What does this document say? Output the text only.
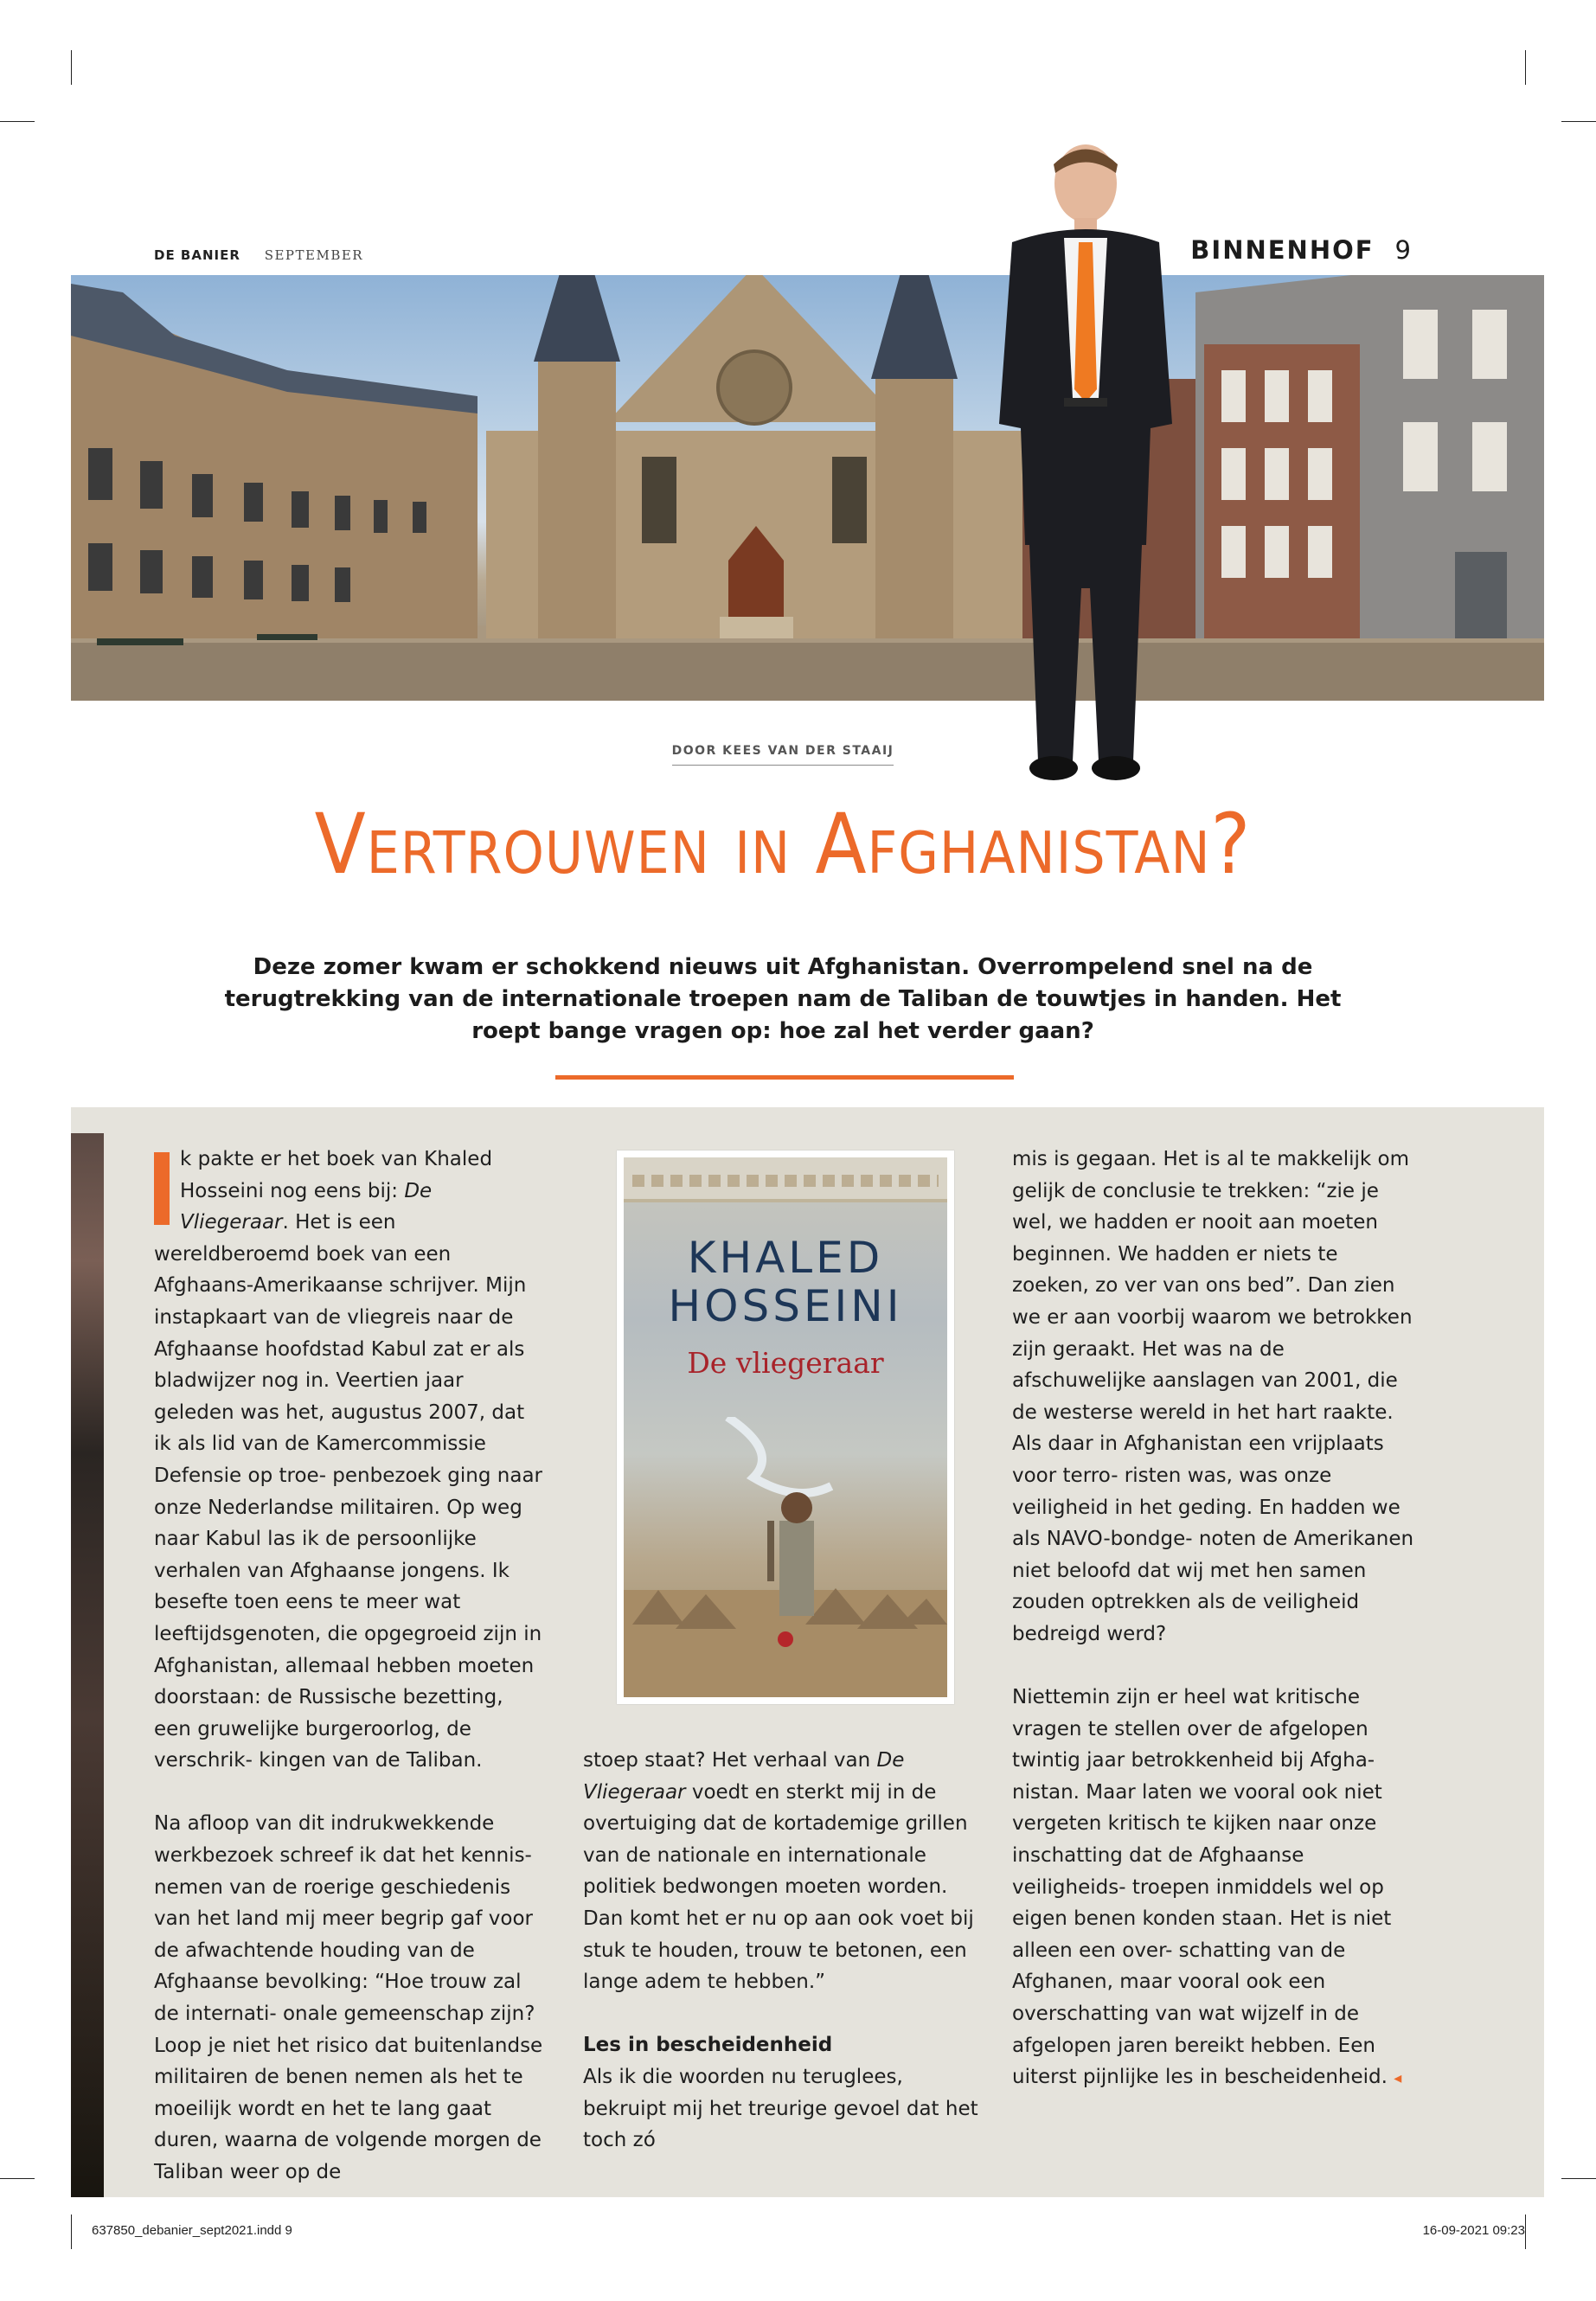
DE BANIER SEPTEMBER	BINNENHOF 9
DOOR KEES VAN DER STAAIJ
Vertrouwen in Afghanistan?

Deze zomer kwam er schokkend nieuws uit Afghanistan. Overrompelend snel na de terugtrekking van de internationale troepen nam de Taliban de touwtjes in handen. Het roept bange vragen op: hoe zal het verder gaan?

k pakte er het boek van Khaled Hosseini nog eens bij: De Vliegeraar. Het is een wereldberoemd boek van een Afghaans-Amerikaanse schrijver. Mijn instapkaart van de vliegreis naar de Afghaanse hoofdstad Kabul zat er als bladwijzer nog in. Veertien jaar geleden was het, augustus 2007, dat ik als lid van de Kamercommissie Defensie op troe- penbezoek ging naar onze Nederlandse militairen. Op weg naar Kabul las ik de persoonlijke verhalen van Afghaanse jongens. Ik besefte toen eens te meer wat leeftijdsgenoten, die opgegroeid zijn in Afghanistan, allemaal hebben moeten doorstaan: de Russische bezetting, een gruwelijke burgeroorlog, de verschrik- kingen van de Taliban.

Na afloop van dit indrukwekkende werkbezoek schreef ik dat het kennis- nemen van de roerige geschiedenis van het land mij meer begrip gaf voor de afwachtende houding van de Afghaanse bevolking: “Hoe trouw zal de internati- onale gemeenschap zijn? Loop je niet het risico dat buitenlandse militairen de benen nemen als het te moeilijk wordt en het te lang gaat duren, waarna de volgende morgen de Taliban weer op de

KHALED
HOSSEINI
De vliegeraar

stoep staat? Het verhaal van De Vliegeraar voedt en sterkt mij in de overtuiging dat de kortademige grillen van de nationale en internationale politiek bedwongen moeten worden. Dan komt het er nu op aan ook voet bij stuk te houden, trouw te betonen, een lange adem te hebben.”

Les in bescheidenheid

Als ik die woorden nu teruglees, bekruipt mij het treurige gevoel dat het toch zó

mis is gegaan. Het is al te makkelijk om gelijk de conclusie te trekken: “zie je wel, we hadden er nooit aan moeten beginnen. We hadden er niets te zoeken, zo ver van ons bed”. Dan zien we er aan voorbij waarom we betrokken zijn geraakt. Het was na de afschuwelijke aanslagen van 2001, die de westerse wereld in het hart raakte. Als daar in Afghanistan een vrijplaats voor terro- risten was, was onze veiligheid in het geding. En hadden we als NAVO-bondge- noten de Amerikanen niet beloofd dat wij met hen samen zouden optrekken als de veiligheid bedreigd werd?

Niettemin zijn er heel wat kritische vragen te stellen over de afgelopen twintig jaar betrokkenheid bij Afgha- nistan. Maar laten we vooral ook niet vergeten kritisch te kijken naar onze inschatting dat de Afghaanse veiligheids- troepen inmiddels wel op eigen benen konden staan. Het is niet alleen een over- schatting van de Afghanen, maar vooral ook een overschatting van wat wijzelf in de afgelopen jaren bereikt hebben. Een uiterst pijnlijke les in bescheidenheid. ◂

637850_debanier_sept2021.indd 9	16-09-2021 09:23
